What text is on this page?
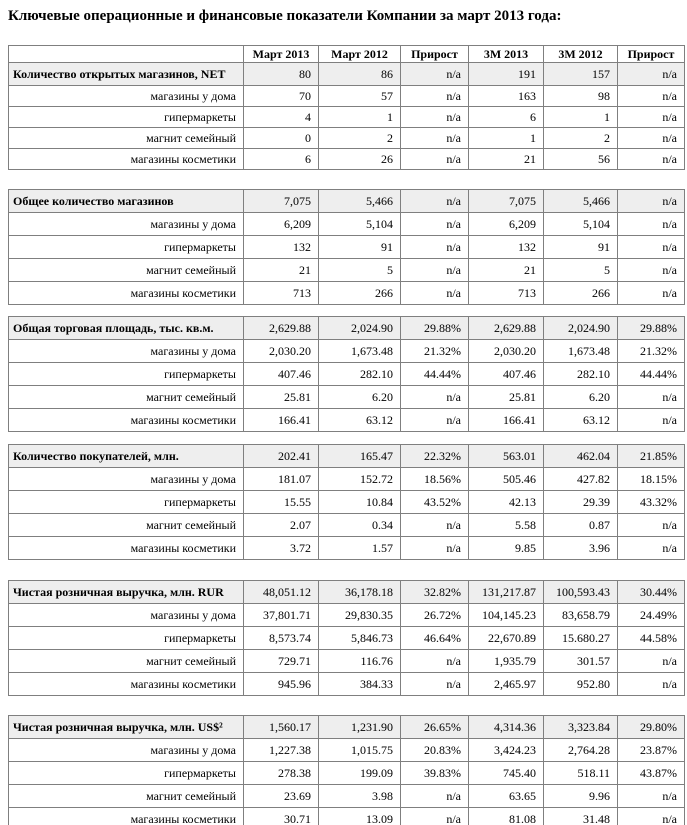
Ключевые операционные и финансовые показатели Компании за март 2013 года:
	Март 2013	Март 2012	Прирост	3М 2013	3М 2012	Прирост
Количество открытых магазинов, NET	80	86	n/a	191	157	n/a
магазины у дома	70	57	n/a	163	98	n/a
гипермаркеты	4	1	n/a	6	1	n/a
магнит семейный	0	2	n/a	1	2	n/a
магазины косметики	6	26	n/a	21	56	n/a
Общее количество магазинов	7,075	5,466	n/a	7,075	5,466	n/a
магазины у дома	6,209	5,104	n/a	6,209	5,104	n/a
гипермаркеты	132	91	n/a	132	91	n/a
магнит семейный	21	5	n/a	21	5	n/a
магазины косметики	713	266	n/a	713	266	n/a
Общая торговая площадь, тыс. кв.м.	2,629.88	2,024.90	29.88%	2,629.88	2,024.90	29.88%
магазины у дома	2,030.20	1,673.48	21.32%	2,030.20	1,673.48	21.32%
гипермаркеты	407.46	282.10	44.44%	407.46	282.10	44.44%
магнит семейный	25.81	6.20	n/a	25.81	6.20	n/a
магазины косметики	166.41	63.12	n/a	166.41	63.12	n/a
Количество покупателей, млн.	202.41	165.47	22.32%	563.01	462.04	21.85%
магазины у дома	181.07	152.72	18.56%	505.46	427.82	18.15%
гипермаркеты	15.55	10.84	43.52%	42.13	29.39	43.32%
магнит семейный	2.07	0.34	n/a	5.58	0.87	n/a
магазины косметики	3.72	1.57	n/a	9.85	3.96	n/a
Чистая розничная выручка, млн. RUR	48,051.12	36,178.18	32.82%	131,217.87	100,593.43	30.44%
магазины у дома	37,801.71	29,830.35	26.72%	104,145.23	83,658.79	24.49%
гипермаркеты	8,573.74	5,846.73	46.64%	22,670.89	15.680.27	44.58%
магнит семейный	729.71	116.76	n/a	1,935.79	301.57	n/a
магазины косметики	945.96	384.33	n/a	2,465.97	952.80	n/a
Чистая розничная выручка, млн. US$²	1,560.17	1,231.90	26.65%	4,314.36	3,323.84	29.80%
магазины у дома	1,227.38	1,015.75	20.83%	3,424.23	2,764.28	23.87%
гипермаркеты	278.38	199.09	39.83%	745.40	518.11	43.87%
магнит семейный	23.69	3.98	n/a	63.65	9.96	n/a
магазины косметики	30.71	13.09	n/a	81.08	31.48	n/a
